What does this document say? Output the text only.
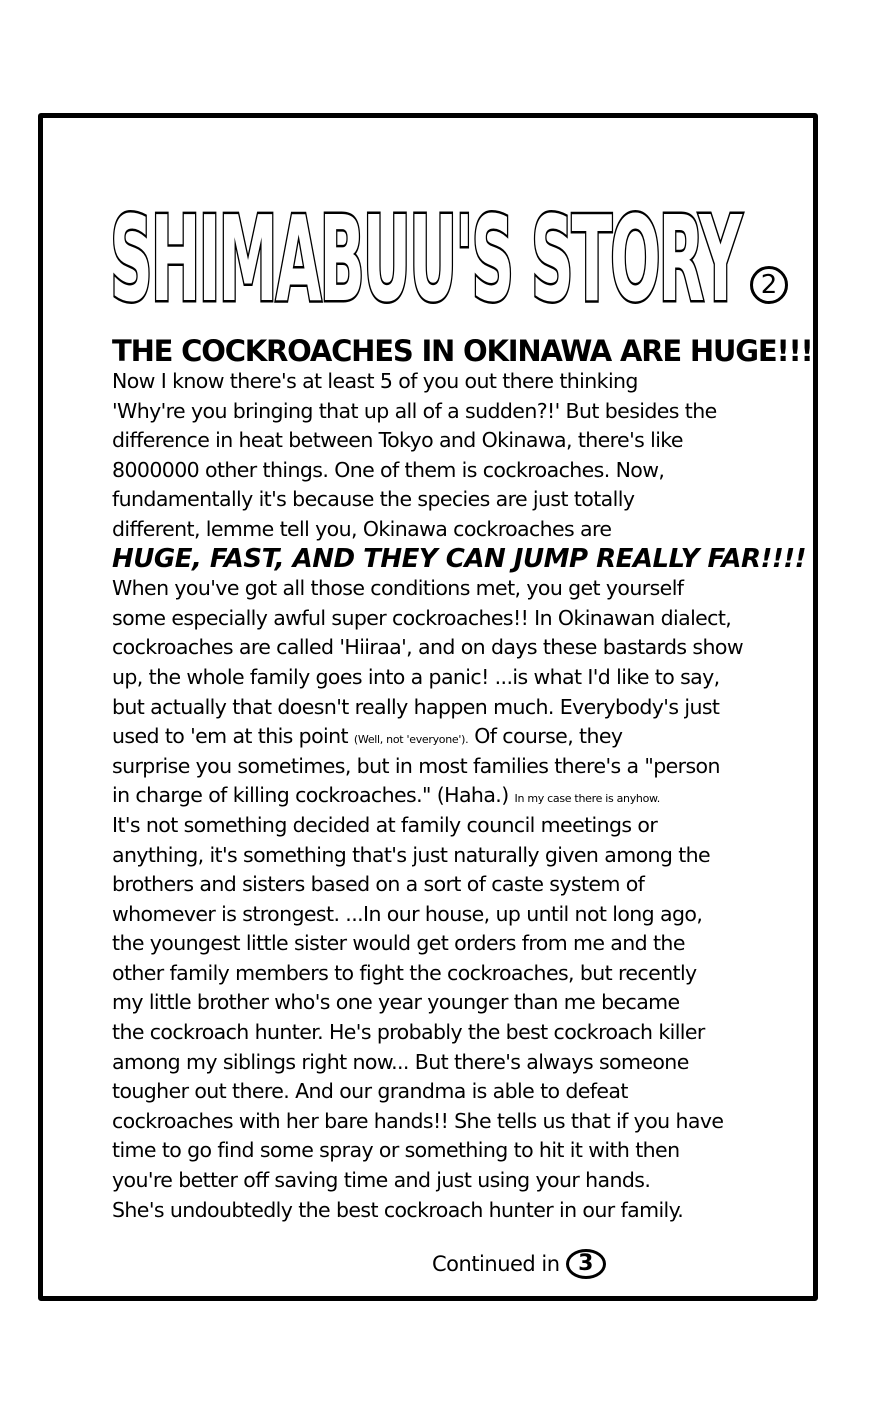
SHIMABUU'S STORY 2
THE COCKROACHES IN OKINAWA ARE HUGE!!!
Now I know there's at least 5 of you out there thinking
'Why're you bringing that up all of a sudden?!' But besides the
difference in heat between Tokyo and Okinawa, there's like
8000000 other things. One of them is cockroaches. Now,
fundamentally it's because the species are just totally
different, lemme tell you, Okinawa cockroaches are
HUGE, FAST, AND THEY CAN JUMP REALLY FAR!!!!
When you've got all those conditions met, you get yourself
some especially awful super cockroaches!! In Okinawan dialect,
cockroaches are called 'Hiiraa', and on days these bastards show
up, the whole family goes into a panic! ...is what I'd like to say,
but actually that doesn't really happen much. Everybody's just
used to 'em at this point (Well, not 'everyone'). Of course, they
surprise you sometimes, but in most families there's a "person
in charge of killing cockroaches." (Haha.) In my case there is anyhow.
It's not something decided at family council meetings or
anything, it's something that's just naturally given among the
brothers and sisters based on a sort of caste system of
whomever is strongest. ...In our house, up until not long ago,
the youngest little sister would get orders from me and the
other family members to fight the cockroaches, but recently
my little brother who's one year younger than me became
the cockroach hunter. He's probably the best cockroach killer
among my siblings right now... But there's always someone
tougher out there. And our grandma is able to defeat
cockroaches with her bare hands!! She tells us that if you have
time to go find some spray or something to hit it with then
you're better off saving time and just using your hands.
She's undoubtedly the best cockroach hunter in our family.
Continued in 3
